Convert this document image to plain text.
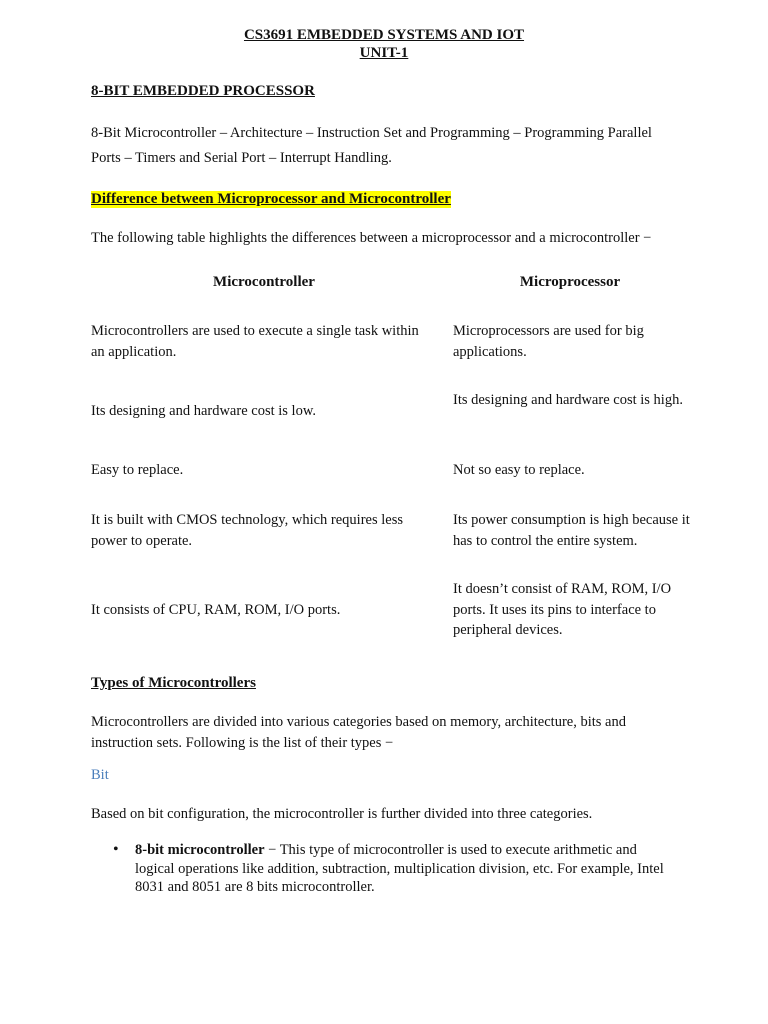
CS3691 EMBEDDED SYSTEMS AND IOT
UNIT-1
8-BIT EMBEDDED PROCESSOR
8-Bit Microcontroller – Architecture – Instruction Set and Programming – Programming Parallel
Ports – Timers and Serial Port – Interrupt Handling.
Difference between Microprocessor and Microcontroller
The following table highlights the differences between a microprocessor and a microcontroller −
Microcontroller	Microprocessor
Microcontrollers are used to execute a single task within an application.
Microprocessors are used for big applications.
Its designing and hardware cost is low.
Its designing and hardware cost is high.
Easy to replace.	Not so easy to replace.
It is built with CMOS technology, which requires less power to operate.
Its power consumption is high because it has to control the entire system.
It consists of CPU, RAM, ROM, I/O ports.
It doesn’t consist of RAM, ROM, I/O ports. It uses its pins to interface to peripheral devices.
Types of Microcontrollers
Microcontrollers are divided into various categories based on memory, architecture, bits and instruction sets. Following is the list of their types −
Bit
Based on bit configuration, the microcontroller is further divided into three categories.
• 8-bit microcontroller − This type of microcontroller is used to execute arithmetic and logical operations like addition, subtraction, multiplication division, etc. For example, Intel 8031 and 8051 are 8 bits microcontroller.
